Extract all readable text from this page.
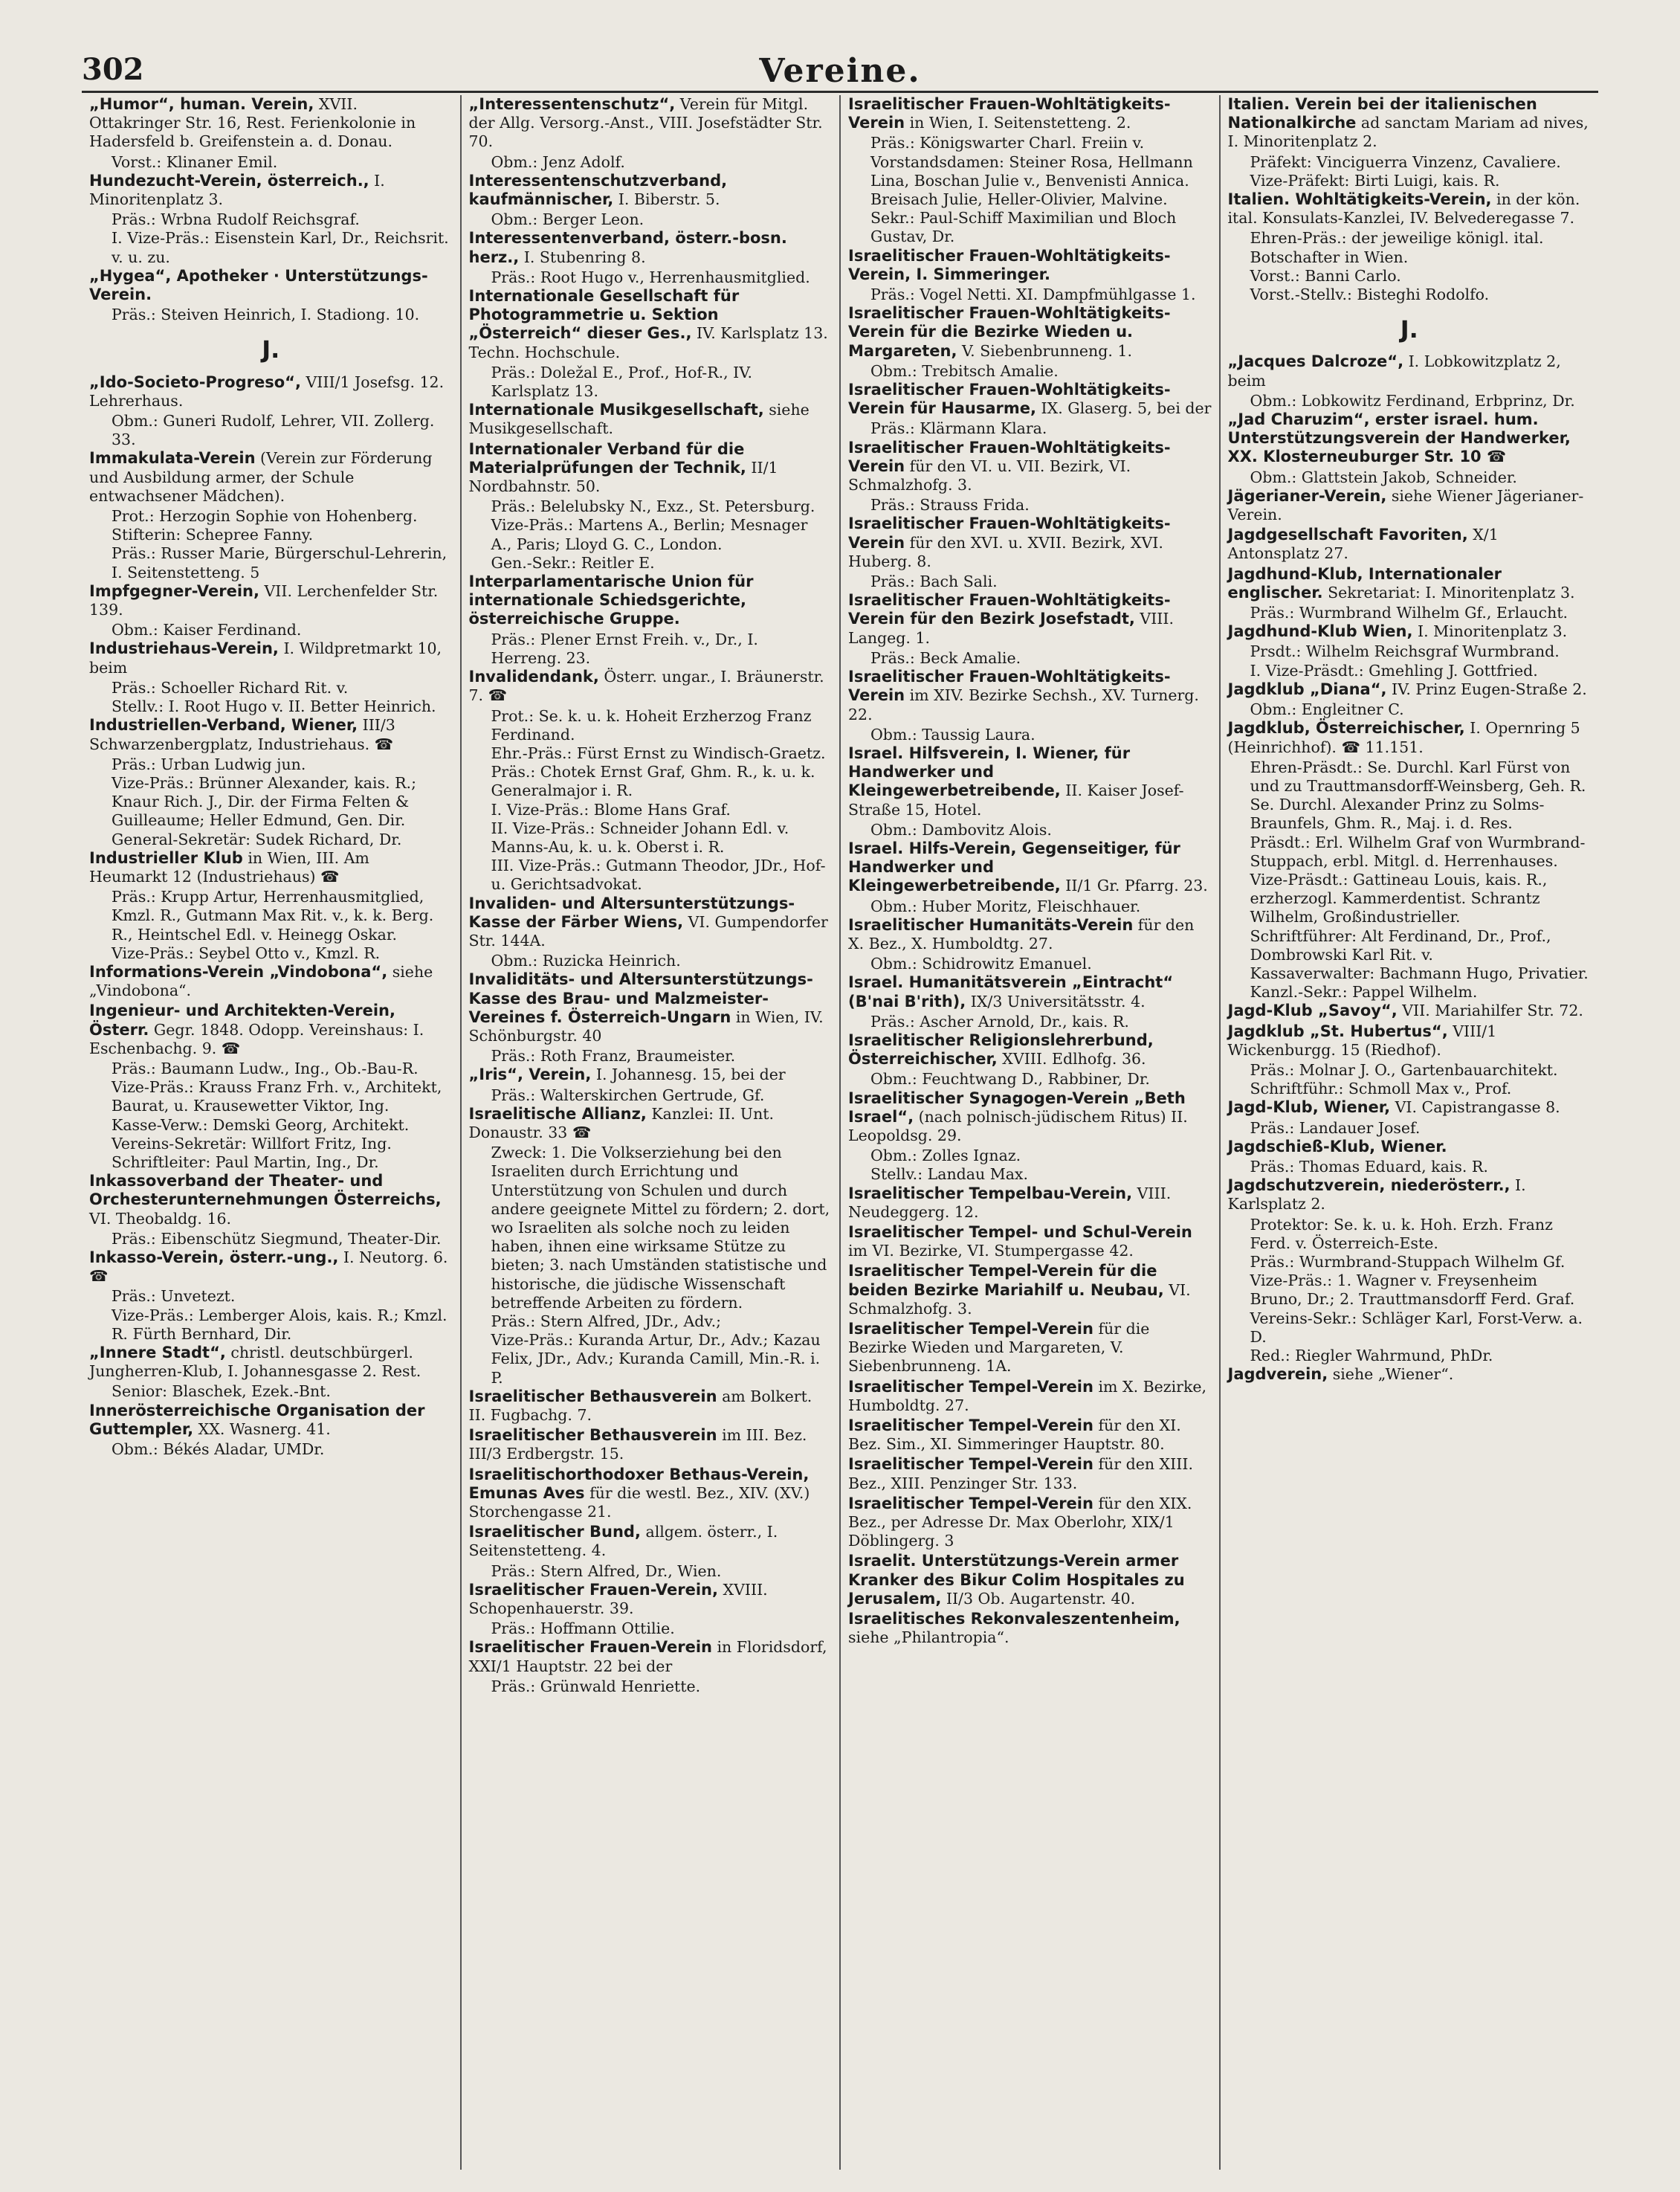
302	Vereine.
„Humor“, human. Verein, XVII. Ottakringer Str. 16, Rest. Ferienkolonie in Hadersfeld b. Greifenstein a. d. Donau.
Vorst.: Klinaner Emil.
Hundezucht-Verein, österreich., I. Minoritenplatz 3.
Präs.: Wrbna Rudolf Reichsgraf.
I. Vize-Präs.: Eisenstein Karl, Dr., Reichsrit. v. u. zu.
„Hygea“, Apotheker · Unterstützungs-Verein.
Präs.: Steiven Heinrich, I. Stadiong. 10.
J.
„Ido-Societo-Progreso“, VIII/1 Josefsg. 12. Lehrerhaus.
Obm.: Guneri Rudolf, Lehrer, VII. Zollerg. 33.
Immakulata-Verein (Verein zur Förderung und Ausbildung armer, der Schule entwachsener Mädchen).
Prot.: Herzogin Sophie von Hohenberg.
Stifterin: Schepree Fanny.
Präs.: Russer Marie, Bürgerschul-Lehrerin, I. Seitenstetteng. 5
Impfgegner-Verein, VII. Lerchenfelder Str. 139.
Obm.: Kaiser Ferdinand.
Industriehaus-Verein, I. Wildpretmarkt 10, beim
Präs.: Schoeller Richard Rit. v.
Stellv.: I. Root Hugo v. II. Better Heinrich.
Industriellen-Verband, Wiener, III/3 Schwarzenbergplatz, Industriehaus. ☎
Präs.: Urban Ludwig jun.
Vize-Präs.: Brünner Alexander, kais. R.; Knaur Rich. J., Dir. der Firma Felten & Guilleaume; Heller Edmund, Gen. Dir.
General-Sekretär: Sudek Richard, Dr.
Industrieller Klub in Wien, III. Am Heumarkt 12 (Industriehaus) ☎
Präs.: Krupp Artur, Herrenhausmitglied, Kmzl. R., Gutmann Max Rit. v., k. k. Berg. R., Heintschel Edl. v. Heinegg Oskar.
Vize-Präs.: Seybel Otto v., Kmzl. R.
Informations-Verein „Vindobona“, siehe „Vindobona“.
Ingenieur- und Architekten-Verein, Österr. Gegr. 1848. Odopp. Vereinshaus: I. Eschenbachg. 9. ☎
Präs.: Baumann Ludw., Ing., Ob.-Bau-R.
Vize-Präs.: Krauss Franz Frh. v., Architekt, Baurat, u. Krausewetter Viktor, Ing.
Kasse-Verw.: Demski Georg, Architekt.
Vereins-Sekretär: Willfort Fritz, Ing.
Schriftleiter: Paul Martin, Ing., Dr.
Inkassoverband der Theater- und Orchesterunternehmungen Österreichs, VI. Theobaldg. 16.
Präs.: Eibenschütz Siegmund, Theater-Dir.
Inkasso-Verein, österr.-ung., I. Neutorg. 6. ☎
Präs.: Unvetezt.
Vize-Präs.: Lemberger Alois, kais. R.; Kmzl. R. Fürth Bernhard, Dir.
„Innere Stadt“, christl. deutschbürgerl. Jungherren-Klub, I. Johannesgasse 2. Rest.
Senior: Blaschek, Ezek.-Bnt.
Innerösterreichische Organisation der Guttempler, XX. Wasnerg. 41.
Obm.: Békés Aladar, UMDr.
„Interessentenschutz“, Verein für Mitgl. der Allg. Versorg.-Anst., VIII. Josefstädter Str. 70.
Obm.: Jenz Adolf.
Interessentenschutzverband, kaufmännischer, I. Biberstr. 5.
Obm.: Berger Leon.
Interessentenverband, österr.-bosn. herz., I. Stubenring 8.
Präs.: Root Hugo v., Herrenhausmitglied.
Internationale Gesellschaft für Photogrammetrie u. Sektion „Österreich“ dieser Ges., IV. Karlsplatz 13. Techn. Hochschule.
Präs.: Doležal E., Prof., Hof-R., IV. Karlsplatz 13.
Internationale Musikgesellschaft, siehe Musikgesellschaft.
Internationaler Verband für die Materialprüfungen der Technik, II/1 Nordbahnstr. 50.
Präs.: Belelubsky N., Exz., St. Petersburg.
Vize-Präs.: Martens A., Berlin; Mesnager A., Paris; Lloyd G. C., London.
Gen.-Sekr.: Reitler E.
Interparlamentarische Union für internationale Schiedsgerichte, österreichische Gruppe.
Präs.: Plener Ernst Freih. v., Dr., I. Herreng. 23.
Invalidendank, Österr. ungar., I. Bräunerstr. 7. ☎
Prot.: Se. k. u. k. Hoheit Erzherzog Franz Ferdinand.
Ehr.-Präs.: Fürst Ernst zu Windisch-Graetz.
Präs.: Chotek Ernst Graf, Ghm. R., k. u. k. Generalmajor i. R.
I. Vize-Präs.: Blome Hans Graf.
II. Vize-Präs.: Schneider Johann Edl. v. Manns-Au, k. u. k. Oberst i. R.
III. Vize-Präs.: Gutmann Theodor, JDr., Hof- u. Gerichtsadvokat.
Invaliden- und Altersunterstützungs-Kasse der Färber Wiens, VI. Gumpendorfer Str. 144A.
Obm.: Ruzicka Heinrich.
Invaliditäts- und Altersunterstützungs-Kasse des Brau- und Malzmeister-Vereines f. Österreich-Ungarn in Wien, IV. Schönburgstr. 40
Präs.: Roth Franz, Braumeister.
„Iris“, Verein, I. Johannesg. 15, bei der
Präs.: Walterskirchen Gertrude, Gf.
Israelitische Allianz, Kanzlei: II. Unt. Donaustr. 33 ☎
Zweck: 1. Die Volkserziehung bei den Israeliten durch Errichtung und Unterstützung von Schulen und durch andere geeignete Mittel zu fördern; 2. dort, wo Israeliten als solche noch zu leiden haben, ihnen eine wirksame Stütze zu bieten; 3. nach Umständen statistische und historische, die jüdische Wissenschaft betreffende Arbeiten zu fördern.
Präs.: Stern Alfred, JDr., Adv.;
Vize-Präs.: Kuranda Artur, Dr., Adv.; Kazau Felix, JDr., Adv.; Kuranda Camill, Min.-R. i. P.
Israelitischer Bethausverein am Bolkert. II. Fugbachg. 7.
Israelitischer Bethausverein im III. Bez. III/3 Erdbergstr. 15.
Israelitischorthodoxer Bethaus-Verein, Emunas Aves für die westl. Bez., XIV. (XV.) Storchengasse 21.
Israelitischer Bund, allgem. österr., I. Seitenstetteng. 4.
Präs.: Stern Alfred, Dr., Wien.
Israelitischer Frauen-Verein, XVIII. Schopenhauerstr. 39.
Präs.: Hoffmann Ottilie.
Israelitischer Frauen-Verein in Floridsdorf, XXI/1 Hauptstr. 22 bei der
Präs.: Grünwald Henriette.
Israelitischer Frauen-Wohltätigkeits-Verein in Wien, I. Seitenstetteng. 2.
Präs.: Königswarter Charl. Freiin v.
Vorstandsdamen: Steiner Rosa, Hellmann Lina, Boschan Julie v., Benvenisti Annica. Breisach Julie, Heller-Olivier, Malvine.
Sekr.: Paul-Schiff Maximilian und Bloch Gustav, Dr.
Israelitischer Frauen-Wohltätigkeits-Verein, I. Simmeringer.
Präs.: Vogel Netti. XI. Dampfmühlgasse 1.
Israelitischer Frauen-Wohltätigkeits-Verein für die Bezirke Wieden u. Margareten, V. Siebenbrunneng. 1.
Obm.: Trebitsch Amalie.
Israelitischer Frauen-Wohltätigkeits-Verein für Hausarme, IX. Glaserg. 5, bei der
Präs.: Klärmann Klara.
Israelitischer Frauen-Wohltätigkeits-Verein für den VI. u. VII. Bezirk, VI. Schmalzhofg. 3.
Präs.: Strauss Frida.
Israelitischer Frauen-Wohltätigkeits-Verein für den XVI. u. XVII. Bezirk, XVI. Huberg. 8.
Präs.: Bach Sali.
Israelitischer Frauen-Wohltätigkeits-Verein für den Bezirk Josefstadt, VIII. Langeg. 1.
Präs.: Beck Amalie.
Israelitischer Frauen-Wohltätigkeits-Verein im XIV. Bezirke Sechsh., XV. Turnerg. 22.
Obm.: Taussig Laura.
Israel. Hilfsverein, I. Wiener, für Handwerker und Kleingewerbetreibende, II. Kaiser Josef-Straße 15, Hotel.
Obm.: Dambovitz Alois.
Israel. Hilfs-Verein, Gegenseitiger, für Handwerker und Kleingewerbetreibende, II/1 Gr. Pfarrg. 23.
Obm.: Huber Moritz, Fleischhauer.
Israelitischer Humanitäts-Verein für den X. Bez., X. Humboldtg. 27.
Obm.: Schidrowitz Emanuel.
Israel. Humanitätsverein „Eintracht“ (B'nai B'rith), IX/3 Universitätsstr. 4.
Präs.: Ascher Arnold, Dr., kais. R.
Israelitischer Religionslehrerbund, Österreichischer, XVIII. Edlhofg. 36.
Obm.: Feuchtwang D., Rabbiner, Dr.
Israelitischer Synagogen-Verein „Beth Israel“, (nach polnisch-jüdischem Ritus) II. Leopoldsg. 29.
Obm.: Zolles Ignaz.
Stellv.: Landau Max.
Israelitischer Tempelbau-Verein, VIII. Neudeggerg. 12.
Israelitischer Tempel- und Schul-Verein im VI. Bezirke, VI. Stumpergasse 42.
Israelitischer Tempel-Verein für die beiden Bezirke Mariahilf u. Neubau, VI. Schmalzhofg. 3.
Israelitischer Tempel-Verein für die Bezirke Wieden und Margareten, V. Siebenbrunneng. 1A.
Israelitischer Tempel-Verein im X. Bezirke, Humboldtg. 27.
Israelitischer Tempel-Verein für den XI. Bez. Sim., XI. Simmeringer Hauptstr. 80.
Israelitischer Tempel-Verein für den XIII. Bez., XIII. Penzinger Str. 133.
Israelitischer Tempel-Verein für den XIX. Bez., per Adresse Dr. Max Oberlohr, XIX/1 Döblingerg. 3
Israelit. Unterstützungs-Verein armer Kranker des Bikur Colim Hospitales zu Jerusalem, II/3 Ob. Augartenstr. 40.
Israelitisches Rekonvaleszentenheim, siehe „Philantropia“.
Italien. Verein bei der italienischen Nationalkirche ad sanctam Mariam ad nives, I. Minoritenplatz 2.
Präfekt: Vinciguerra Vinzenz, Cavaliere.
Vize-Präfekt: Birti Luigi, kais. R.
Italien. Wohltätigkeits-Verein, in der kön. ital. Konsulats-Kanzlei, IV. Belvederegasse 7.
Ehren-Präs.: der jeweilige königl. ital. Botschafter in Wien.
Vorst.: Banni Carlo.
Vorst.-Stellv.: Bisteghi Rodolfo.
J.
„Jacques Dalcroze“, I. Lobkowitzplatz 2, beim
Obm.: Lobkowitz Ferdinand, Erbprinz, Dr.
„Jad Charuzim“, erster israel. hum. Unterstützungsverein der Handwerker, XX. Klosterneuburger Str. 10 ☎
Obm.: Glattstein Jakob, Schneider.
Jägerianer-Verein, siehe Wiener Jägerianer-Verein.
Jagdgesellschaft Favoriten, X/1 Antonsplatz 27.
Jagdhund-Klub, Internationaler englischer. Sekretariat: I. Minoritenplatz 3.
Präs.: Wurmbrand Wilhelm Gf., Erlaucht.
Jagdhund-Klub Wien, I. Minoritenplatz 3.
Prsdt.: Wilhelm Reichsgraf Wurmbrand.
I. Vize-Präsdt.: Gmehling J. Gottfried.
Jagdklub „Diana“, IV. Prinz Eugen-Straße 2.
Obm.: Engleitner C.
Jagdklub, Österreichischer, I. Opernring 5 (Heinrichhof). ☎ 11.151.
Ehren-Präsdt.: Se. Durchl. Karl Fürst von und zu Trauttmansdorff-Weinsberg, Geh. R.
Se. Durchl. Alexander Prinz zu Solms-Braunfels, Ghm. R., Maj. i. d. Res.
Präsdt.: Erl. Wilhelm Graf von Wurmbrand-Stuppach, erbl. Mitgl. d. Herrenhauses.
Vize-Präsdt.: Gattineau Louis, kais. R., erzherzogl. Kammerdentist. Schrantz Wilhelm, Großindustrieller.
Schriftführer: Alt Ferdinand, Dr., Prof., Dombrowski Karl Rit. v.
Kassaverwalter: Bachmann Hugo, Privatier.
Kanzl.-Sekr.: Pappel Wilhelm.
Jagd-Klub „Savoy“, VII. Mariahilfer Str. 72.
Jagdklub „St. Hubertus“, VIII/1 Wickenburgg. 15 (Riedhof).
Präs.: Molnar J. O., Gartenbauarchitekt.
Schriftführ.: Schmoll Max v., Prof.
Jagd-Klub, Wiener, VI. Capistrangasse 8.
Präs.: Landauer Josef.
Jagdschieß-Klub, Wiener.
Präs.: Thomas Eduard, kais. R.
Jagdschutzverein, niederösterr., I. Karlsplatz 2.
Protektor: Se. k. u. k. Hoh. Erzh. Franz Ferd. v. Österreich-Este.
Präs.: Wurmbrand-Stuppach Wilhelm Gf.
Vize-Präs.: 1. Wagner v. Freysenheim Bruno, Dr.; 2. Trauttmansdorff Ferd. Graf.
Vereins-Sekr.: Schläger Karl, Forst-Verw. a. D.
Red.: Riegler Wahrmund, PhDr.
Jagdverein, siehe „Wiener“.
